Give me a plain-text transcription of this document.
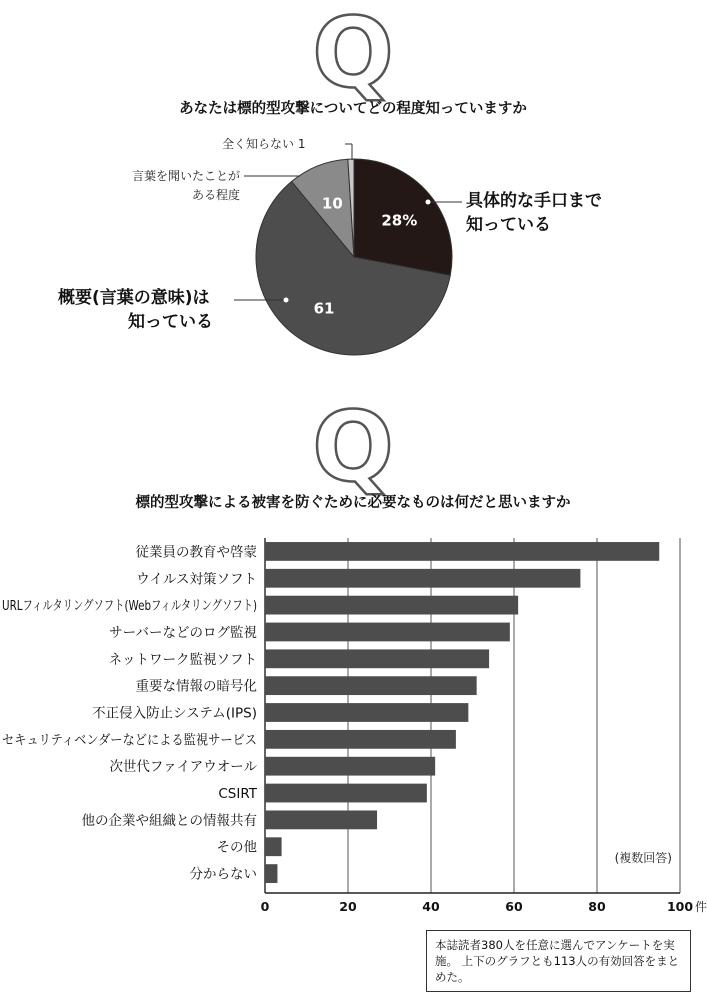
Q
あなたは標的型攻撃についてどの程度知っていますか
28%
61
10
全く知らない 1
言葉を聞いたことが
ある程度	具体的な手口まで
知っている
概要(言葉の意味)は
知っている
Q
標的型攻撃による被害を防ぐために必要なものは何だと思いますか
従業員の教育や啓蒙
ウイルス対策ソフト
URLフィルタリングソフト(Webフィルタリングソフト)
サーバーなどのログ監視
ネットワーク監視ソフト
重要な情報の暗号化
不正侵入防止システム(IPS)
セキュリティベンダーなどによる監視サービス
次世代ファイアウオール
CSIRT
他の企業や組織との情報共有
その他
分からない
0	20	40	60	80	100 件
(複数回答)
本誌読者380人を任意に選んでアンケートを実施。 上下のグラフとも113人の有効回答をまとめた。
